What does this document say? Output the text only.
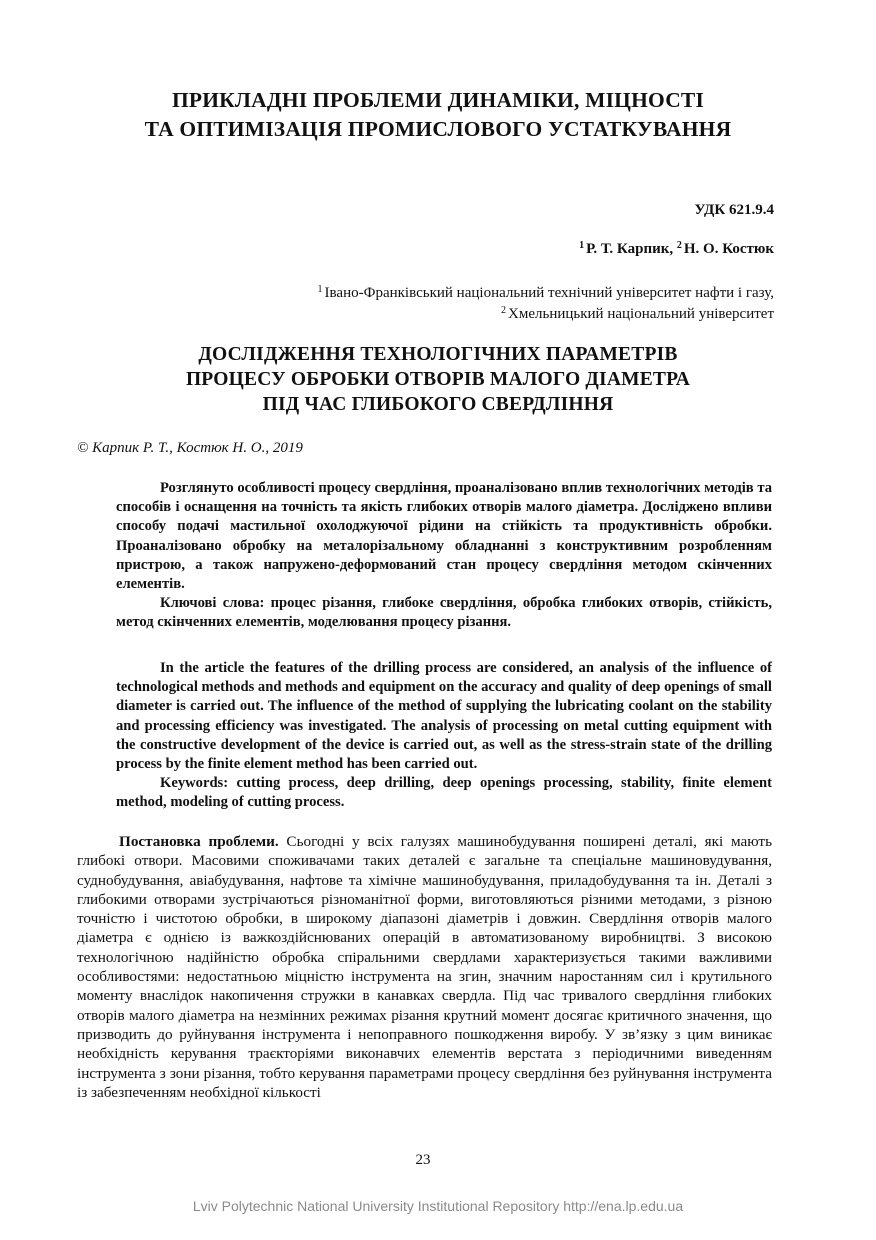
ПРИКЛАДНІ ПРОБЛЕМИ ДИНАМІКИ, МІЦНОСТІ
ТА ОПТИМІЗАЦІЯ ПРОМИСЛОВОГО УСТАТКУВАННЯ
УДК 621.9.4
$^1$ Р. Т. Карпик, $^2$ Н. О. Костюк
$^1$ Івано-Франківський національний технічний університет нафти і газу,
$^2$ Хмельницький національний університет
ДОСЛІДЖЕННЯ ТЕХНОЛОГІЧНИХ ПАРАМЕТРІВ
ПРОЦЕСУ ОБРОБКИ ОТВОРІВ МАЛОГО ДІАМЕТРА
ПІД ЧАС ГЛИБОКОГО СВЕРДЛІННЯ
© Карпик Р. Т., Костюк Н. О., 2019

Розглянуто особливості процесу свердління, проаналізовано вплив технологічних методів та способів і оснащення на точність та якість глибоких отворів малого діаметра. Досліджено впливи способу подачі мастильної охолоджуючої рідини на стійкість та продуктивність обробки. Проаналізовано обробку на металорізальному обладнанні з конструктивним розробленням пристрою, а також напружено-деформований стан процесу свердління методом скінченних елементів.

Ключові слова: процес різання, глибоке свердління, обробка глибоких отворів, стійкість, метод скінченних елементів, моделювання процесу різання.

In the article the features of the drilling process are considered, an analysis of the influence of technological methods and methods and equipment on the accuracy and quality of deep openings of small diameter is carried out. The influence of the method of supplying the lubricating coolant on the stability and processing efficiency was investigated. The analysis of processing on metal cutting equipment with the constructive development of the device is carried out, as well as the stress-strain state of the drilling process by the finite element method has been carried out.

Keywords: cutting process, deep drilling, deep openings processing, stability, finite element method, modeling of cutting process.

Постановка проблеми. Сьогодні у всіх галузях машинобудування поширені деталі, які мають глибокі отвори. Масовими споживачами таких деталей є загальне та спеціальне машиновудування, суднобудування, авіабудування, нафтове та хімічне машинобудування, приладобудування та ін. Деталі з глибокими отворами зустрічаються різноманітної форми, виготовляються різними методами, з різною точністю і чистотою обробки, в широкому діапазоні діаметрів і довжин. Свердління отворів малого діаметра є однією із важкоздійснюваних операцій в автоматизованому виробництві. З високою технологічною надійністю обробка спіральними свердлами характеризується такими важливими особливостями: недостатньою міцністю інструмента на згин, значним наростанням сил і крутильного моменту внаслідок накопичення стружки в канавках свердла. Під час тривалого свердління глибоких отворів малого діаметра на незмінних режимах різання крутний момент досягає критичного значення, що призводить до руйнування інструмента і непоправного пошкодження виробу. У зв’язку з цим виникає необхідність керування траєкторіями виконавчих елементів верстата з періодичними виведенням інструмента з зони різання, тобто керування параметрами процесу свердління без руйнування інструмента із забезпеченням необхідної кількості

23
Lviv Polytechnic National University Institutional Repository http://ena.lp.edu.ua
